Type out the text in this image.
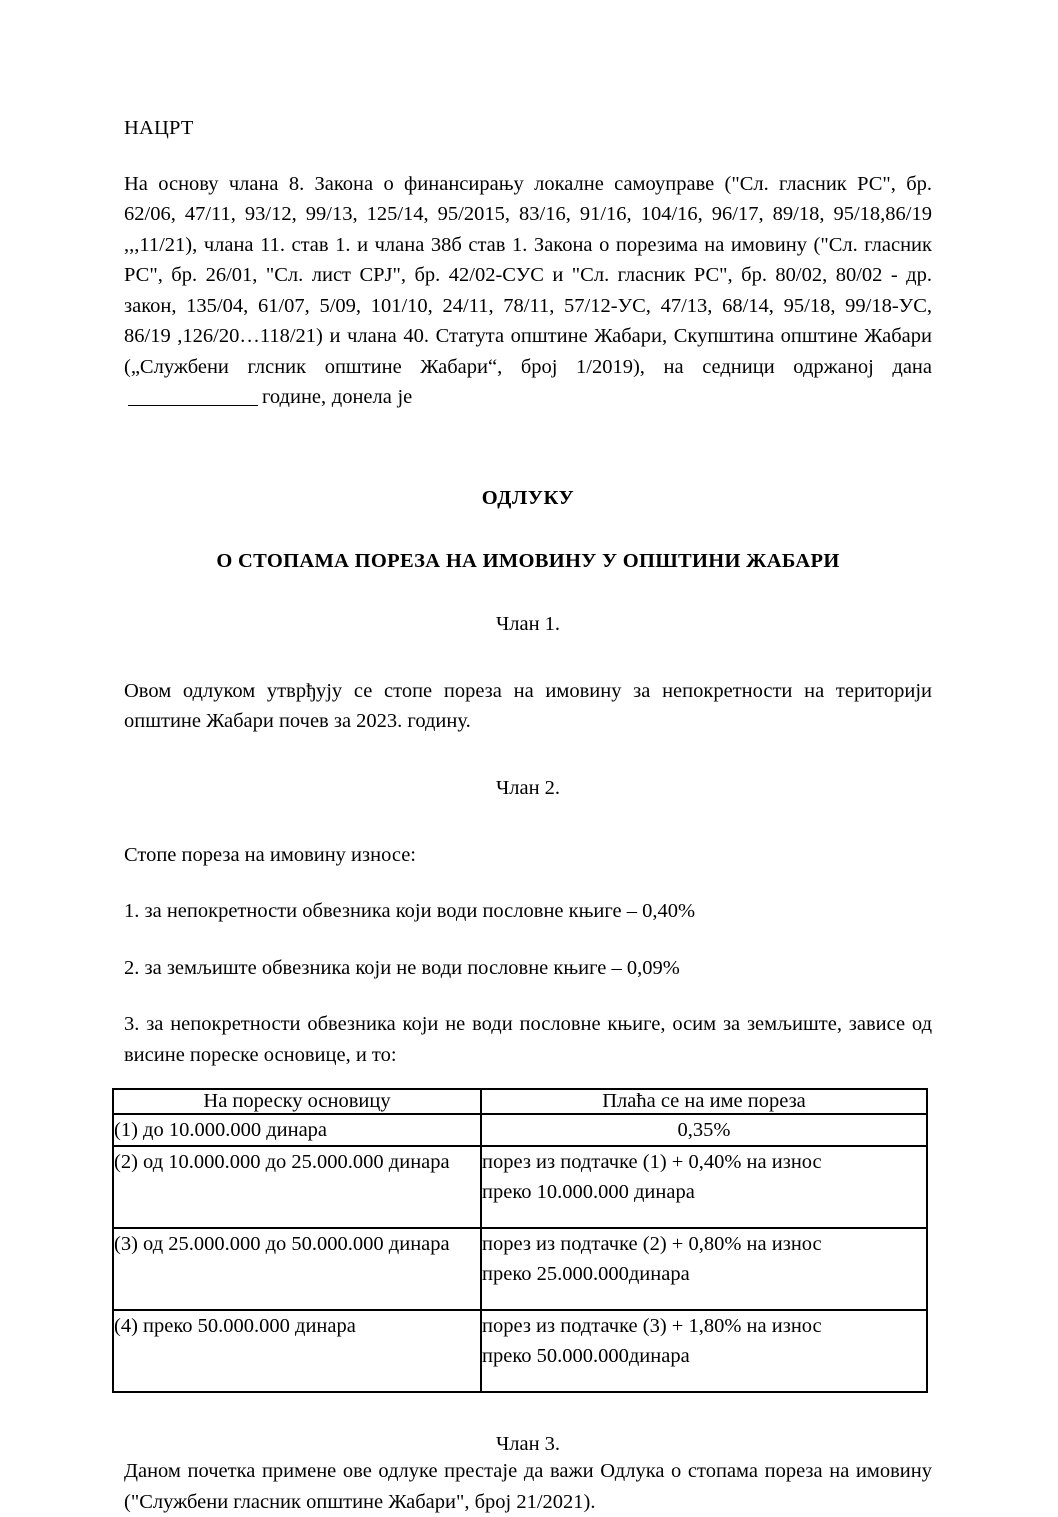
НАЦРТ

На основу члана 8. Закона о финансирању локалне самоуправе ("Сл. гласник РС", бр. 62/06, 47/11, 93/12, 99/13, 125/14, 95/2015, 83/16, 91/16, 104/16, 96/17, 89/18, 95/18,86/19 ,,,11/21), члана 11. став 1. и члана 38б став 1. Закона о порезима на имовину ("Сл. гласник РС", бр. 26/01, "Сл. лист СРЈ", бр. 42/02-СУС и "Сл. гласник РС", бр. 80/02, 80/02 - др. закон, 135/04, 61/07, 5/09, 101/10, 24/11, 78/11, 57/12-УС, 47/13, 68/14, 95/18, 99/18-УС, 86/19 ,126/20…118/21) и члана 40. Статута општине Жабари, Скупштина општине Жабари („Службени глсник општине Жабари“, број 1/2019), на седници одржаној данагодине, донела је

ОДЛУКУ

О СТОПАМА ПОРЕЗА НА ИМОВИНУ У ОПШТИНИ ЖАБАРИ

Члан 1.

Овом одлуком утврђују се стопе пореза на имовину за непокретности на територији општине Жабари почев за 2023. годину.

Члан 2.

Стопе пореза на имовину износе:

1. за непокретности обвезника који води пословне књиге – 0,40%

2. за земљиште обвезника који не води пословне књиге – 0,09%

3. за непокретности обвезника који не води пословне књиге, осим за земљиште, зависе од висине пореске основице, и то:

На пореску основицу	Плаћа се на име пореза
(1) до 10.000.000 динара	0,35%

(2) од 10.000.000 до 25.000.000 динара	порез из подтачке (1) + 0,40% на износ
преко 10.000.000 динара

(3) од 25.000.000 до 50.000.000 динара	порез из подтачке (2) + 0,80% на износ
преко 25.000.000динара

(4) преко 50.000.000 динара	порез из подтачке (3) + 1,80% на износ
преко 50.000.000динара

Члан 3.

Даном почетка примене ове одлуке престаје да важи Одлука о стопама пореза на имовину ("Службени гласник општине Жабари", број 21/2021).
